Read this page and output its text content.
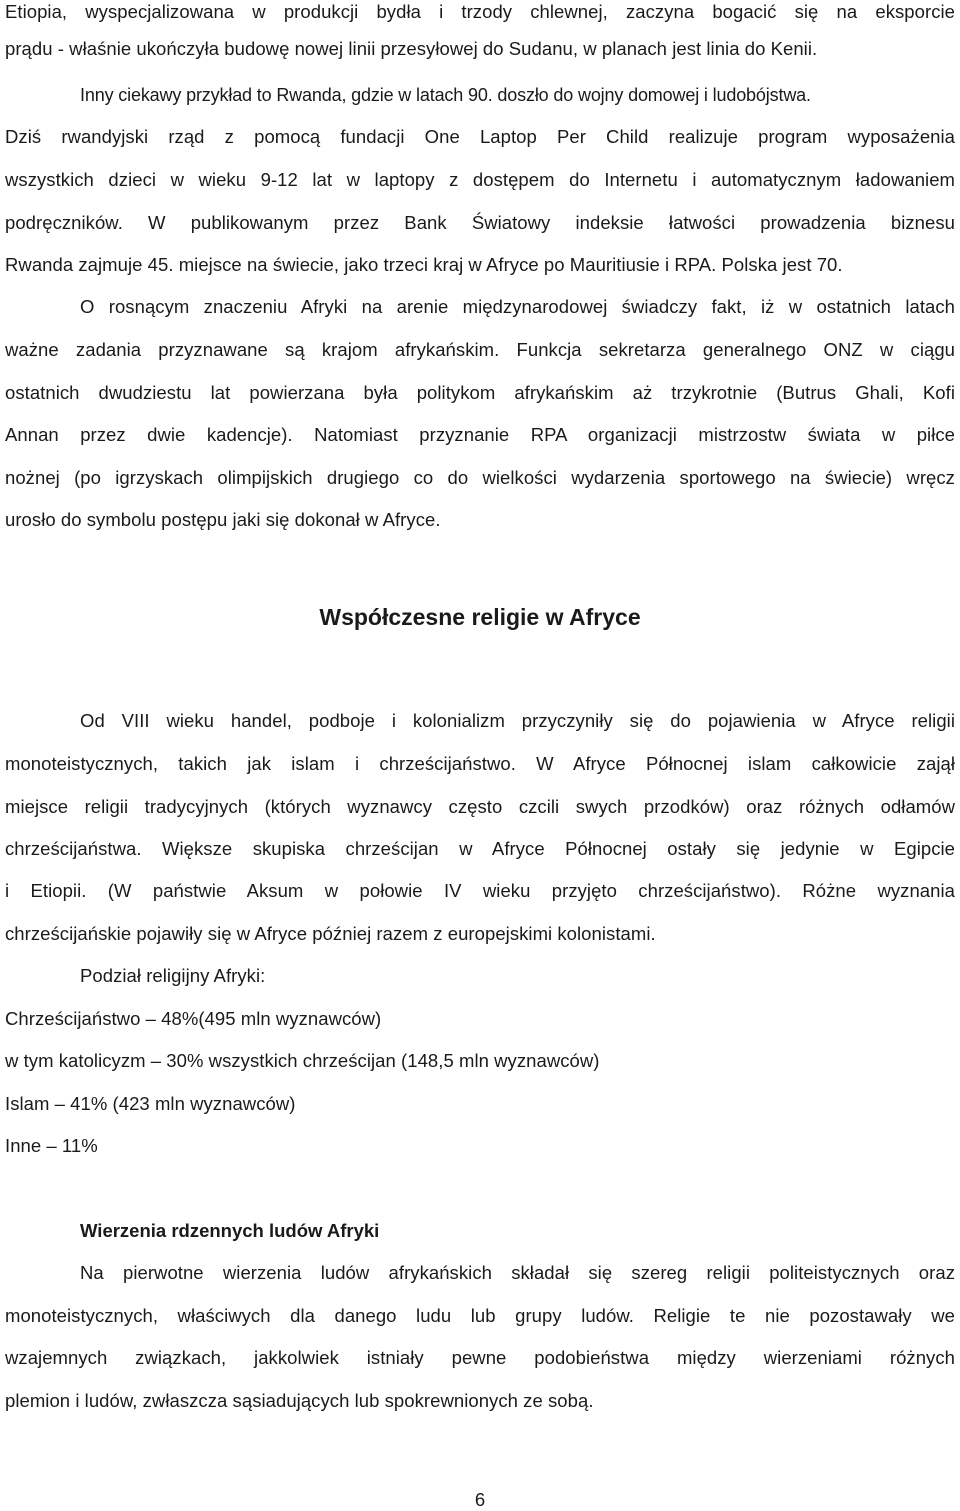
Etiopia, wyspecjalizowana w produkcji bydła i trzody chlewnej, zaczyna bogacić się na eksporcie
prądu - właśnie ukończyła budowę nowej linii przesyłowej do Sudanu, w planach jest linia do Kenii.
Inny ciekawy przykład to Rwanda, gdzie w latach 90. doszło do wojny domowej i ludobójstwa.
Dziś rwandyjski rząd z pomocą fundacji One Laptop Per Child realizuje program wyposażenia
wszystkich dzieci w wieku 9-12 lat w laptopy z dostępem do Internetu i automatycznym ładowaniem
podręczników. W publikowanym przez Bank Światowy indeksie łatwości prowadzenia biznesu
Rwanda zajmuje 45. miejsce na świecie, jako trzeci kraj w Afryce po Mauritiusie i RPA. Polska jest 70.
O rosnącym znaczeniu Afryki na arenie międzynarodowej świadczy fakt, iż w ostatnich latach
ważne zadania przyznawane są krajom afrykańskim. Funkcja sekretarza generalnego ONZ w ciągu
ostatnich dwudziestu lat powierzana była politykom afrykańskim aż trzykrotnie (Butrus Ghali, Kofi
Annan przez dwie kadencje). Natomiast przyznanie RPA organizacji mistrzostw świata w piłce
nożnej (po igrzyskach olimpijskich drugiego co do wielkości wydarzenia sportowego na świecie) wręcz
urosło do symbolu postępu jaki się dokonał w Afryce.
Współczesne religie w Afryce
Od VIII wieku handel, podboje i kolonializm przyczyniły się do pojawienia w Afryce religii
monoteistycznych, takich jak islam i chrześcijaństwo. W Afryce Północnej islam całkowicie zajął
miejsce religii tradycyjnych (których wyznawcy często czcili swych przodków) oraz różnych odłamów
chrześcijaństwa. Większe skupiska chrześcijan w Afryce Północnej ostały się jedynie w Egipcie
i Etiopii. (W państwie Aksum w połowie IV wieku przyjęto chrześcijaństwo). Różne wyznania
chrześcijańskie pojawiły się w Afryce później razem z europejskimi kolonistami.
Podział religijny Afryki:
Chrześcijaństwo – 48%(495 mln wyznawców)
w tym katolicyzm – 30% wszystkich chrześcijan (148,5 mln wyznawców)
Islam – 41% (423 mln wyznawców)
Inne – 11%
Wierzenia rdzennych ludów Afryki
Na pierwotne wierzenia ludów afrykańskich składał się szereg religii politeistycznych oraz
monoteistycznych, właściwych dla danego ludu lub grupy ludów. Religie te nie pozostawały we
wzajemnych związkach, jakkolwiek istniały pewne podobieństwa między wierzeniami różnych
plemion i ludów, zwłaszcza sąsiadujących lub spokrewnionych ze sobą.
6
